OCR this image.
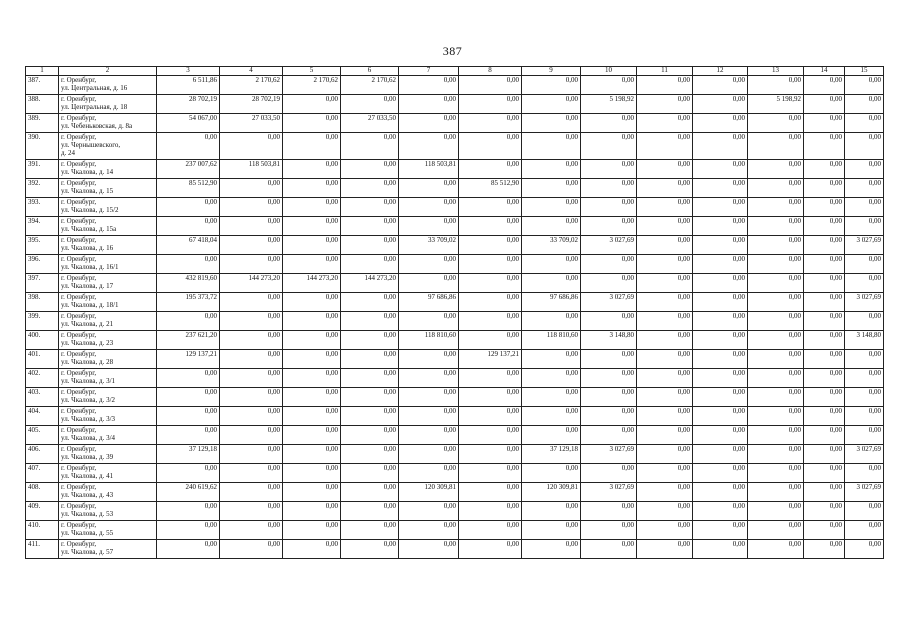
387
1	2	3	4	5	6	7	8	9	10	11	12	13	14	15
387.	г. Оренбург,
ул. Центральная, д. 16	6 511,86	2 170,62	2 170,62	2 170,62	0,00	0,00	0,00	0,00	0,00	0,00	0,00	0,00	0,00
388.	г. Оренбург,
ул. Центральная, д. 18	28 702,19	28 702,19	0,00	0,00	0,00	0,00	0,00	5 198,92	0,00	0,00	5 198,92	0,00	0,00
389.	г. Оренбург,
ул. Чебеньковская, д. 8а	54 067,00	27 033,50	0,00	27 033,50	0,00	0,00	0,00	0,00	0,00	0,00	0,00	0,00	0,00
390.	г. Оренбург,
ул. Чернышевского,
д. 24	0,00	0,00	0,00	0,00	0,00	0,00	0,00	0,00	0,00	0,00	0,00	0,00	0,00
391.	г. Оренбург,
ул. Чкалова, д. 14	237 007,62	118 503,81	0,00	0,00	118 503,81	0,00	0,00	0,00	0,00	0,00	0,00	0,00	0,00
392.	г. Оренбург,
ул. Чкалова, д. 15	85 512,90	0,00	0,00	0,00	0,00	85 512,90	0,00	0,00	0,00	0,00	0,00	0,00	0,00
393.	г. Оренбург,
ул. Чкалова, д. 15/2	0,00	0,00	0,00	0,00	0,00	0,00	0,00	0,00	0,00	0,00	0,00	0,00	0,00
394.	г. Оренбург,
ул. Чкалова, д. 15а	0,00	0,00	0,00	0,00	0,00	0,00	0,00	0,00	0,00	0,00	0,00	0,00	0,00
395.	г. Оренбург,
ул. Чкалова, д. 16	67 418,04	0,00	0,00	0,00	33 709,02	0,00	33 709,02	3 027,69	0,00	0,00	0,00	0,00	3 027,69
396.	г. Оренбург,
ул. Чкалова, д. 16/1	0,00	0,00	0,00	0,00	0,00	0,00	0,00	0,00	0,00	0,00	0,00	0,00	0,00
397.	г. Оренбург,
ул. Чкалова, д. 17	432 819,60	144 273,20	144 273,20	144 273,20	0,00	0,00	0,00	0,00	0,00	0,00	0,00	0,00	0,00
398.	г. Оренбург,
ул. Чкалова, д. 18/1	195 373,72	0,00	0,00	0,00	97 686,86	0,00	97 686,86	3 027,69	0,00	0,00	0,00	0,00	3 027,69
399.	г. Оренбург,
ул. Чкалова, д. 21	0,00	0,00	0,00	0,00	0,00	0,00	0,00	0,00	0,00	0,00	0,00	0,00	0,00
400.	г. Оренбург,
ул. Чкалова, д. 23	237 621,20	0,00	0,00	0,00	118 810,60	0,00	118 810,60	3 148,80	0,00	0,00	0,00	0,00	3 148,80
401.	г. Оренбург,
ул. Чкалова, д. 28	129 137,21	0,00	0,00	0,00	0,00	129 137,21	0,00	0,00	0,00	0,00	0,00	0,00	0,00
402.	г. Оренбург,
ул. Чкалова, д. 3/1	0,00	0,00	0,00	0,00	0,00	0,00	0,00	0,00	0,00	0,00	0,00	0,00	0,00
403.	г. Оренбург,
ул. Чкалова, д. 3/2	0,00	0,00	0,00	0,00	0,00	0,00	0,00	0,00	0,00	0,00	0,00	0,00	0,00
404.	г. Оренбург,
ул. Чкалова, д. 3/3	0,00	0,00	0,00	0,00	0,00	0,00	0,00	0,00	0,00	0,00	0,00	0,00	0,00
405.	г. Оренбург,
ул. Чкалова, д. 3/4	0,00	0,00	0,00	0,00	0,00	0,00	0,00	0,00	0,00	0,00	0,00	0,00	0,00
406.	г. Оренбург,
ул. Чкалова, д. 39	37 129,18	0,00	0,00	0,00	0,00	0,00	37 129,18	3 027,69	0,00	0,00	0,00	0,00	3 027,69
407.	г. Оренбург,
ул. Чкалова, д. 41	0,00	0,00	0,00	0,00	0,00	0,00	0,00	0,00	0,00	0,00	0,00	0,00	0,00
408.	г. Оренбург,
ул. Чкалова, д. 43	240 619,62	0,00	0,00	0,00	120 309,81	0,00	120 309,81	3 027,69	0,00	0,00	0,00	0,00	3 027,69
409.	г. Оренбург,
ул. Чкалова, д. 53	0,00	0,00	0,00	0,00	0,00	0,00	0,00	0,00	0,00	0,00	0,00	0,00	0,00
410.	г. Оренбург,
ул. Чкалова, д. 55	0,00	0,00	0,00	0,00	0,00	0,00	0,00	0,00	0,00	0,00	0,00	0,00	0,00
411.	г. Оренбург,
ул. Чкалова, д. 57	0,00	0,00	0,00	0,00	0,00	0,00	0,00	0,00	0,00	0,00	0,00	0,00	0,00
